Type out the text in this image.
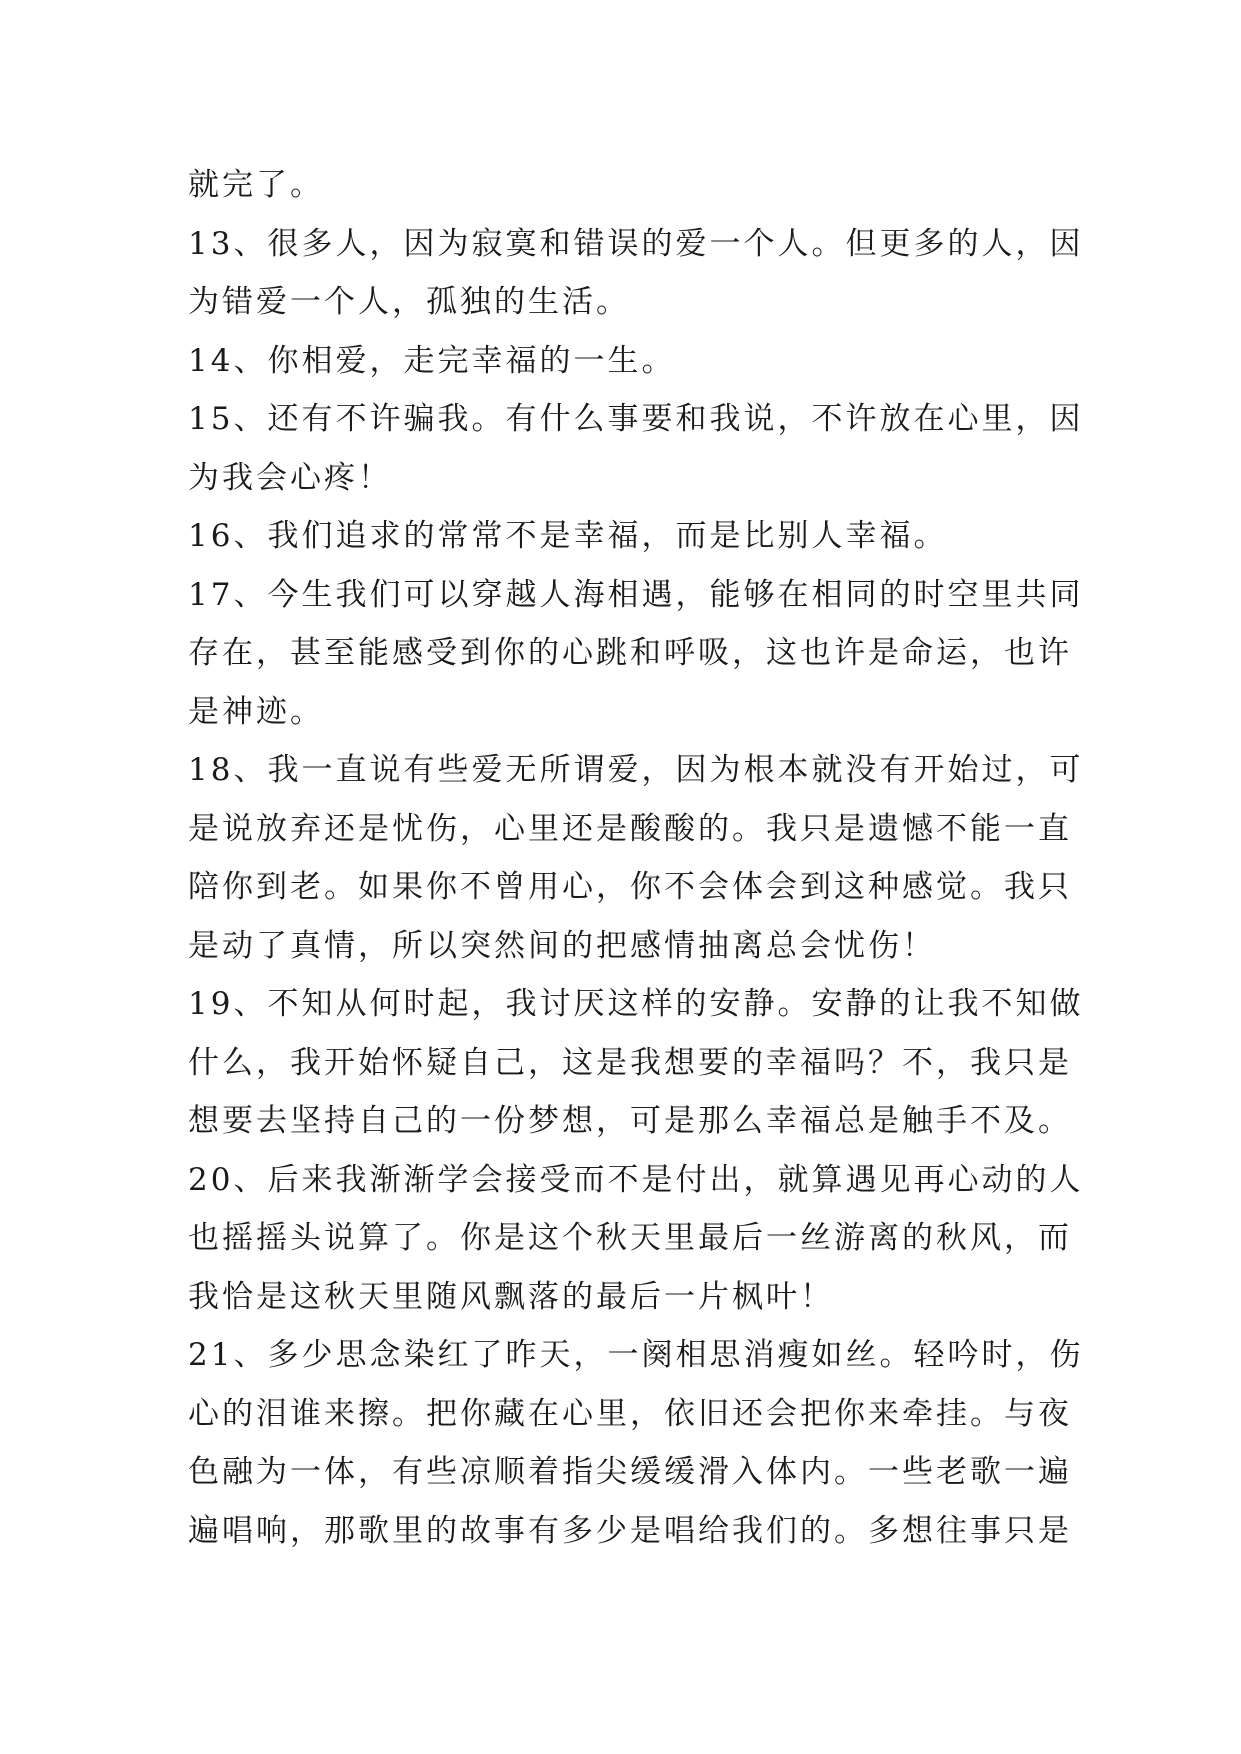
就完了。
13、很多人，因为寂寞和错误的爱一个人。但更多的人，因
为错爱一个人，孤独的生活。
14、你相爱，走完幸福的一生。
15、还有不许骗我。有什么事要和我说，不许放在心里，因
为我会心疼！
16、我们追求的常常不是幸福，而是比别人幸福。
17、今生我们可以穿越人海相遇，能够在相同的时空里共同
存在，甚至能感受到你的心跳和呼吸，这也许是命运，也许
是神迹。
18、我一直说有些爱无所谓爱，因为根本就没有开始过，可
是说放弃还是忧伤，心里还是酸酸的。我只是遗憾不能一直
陪你到老。如果你不曾用心，你不会体会到这种感觉。我只
是动了真情，所以突然间的把感情抽离总会忧伤！
19、不知从何时起，我讨厌这样的安静。安静的让我不知做
什么，我开始怀疑自己，这是我想要的幸福吗？不，我只是
想要去坚持自己的一份梦想，可是那么幸福总是触手不及。
20、后来我渐渐学会接受而不是付出，就算遇见再心动的人
也摇摇头说算了。你是这个秋天里最后一丝游离的秋风，而
我恰是这秋天里随风飘落的最后一片枫叶！
21、多少思念染红了昨天，一阕相思消瘦如丝。轻吟时，伤
心的泪谁来擦。把你藏在心里，依旧还会把你来牵挂。与夜
色融为一体，有些凉顺着指尖缓缓滑入体内。一些老歌一遍
遍唱响，那歌里的故事有多少是唱给我们的。多想往事只是
